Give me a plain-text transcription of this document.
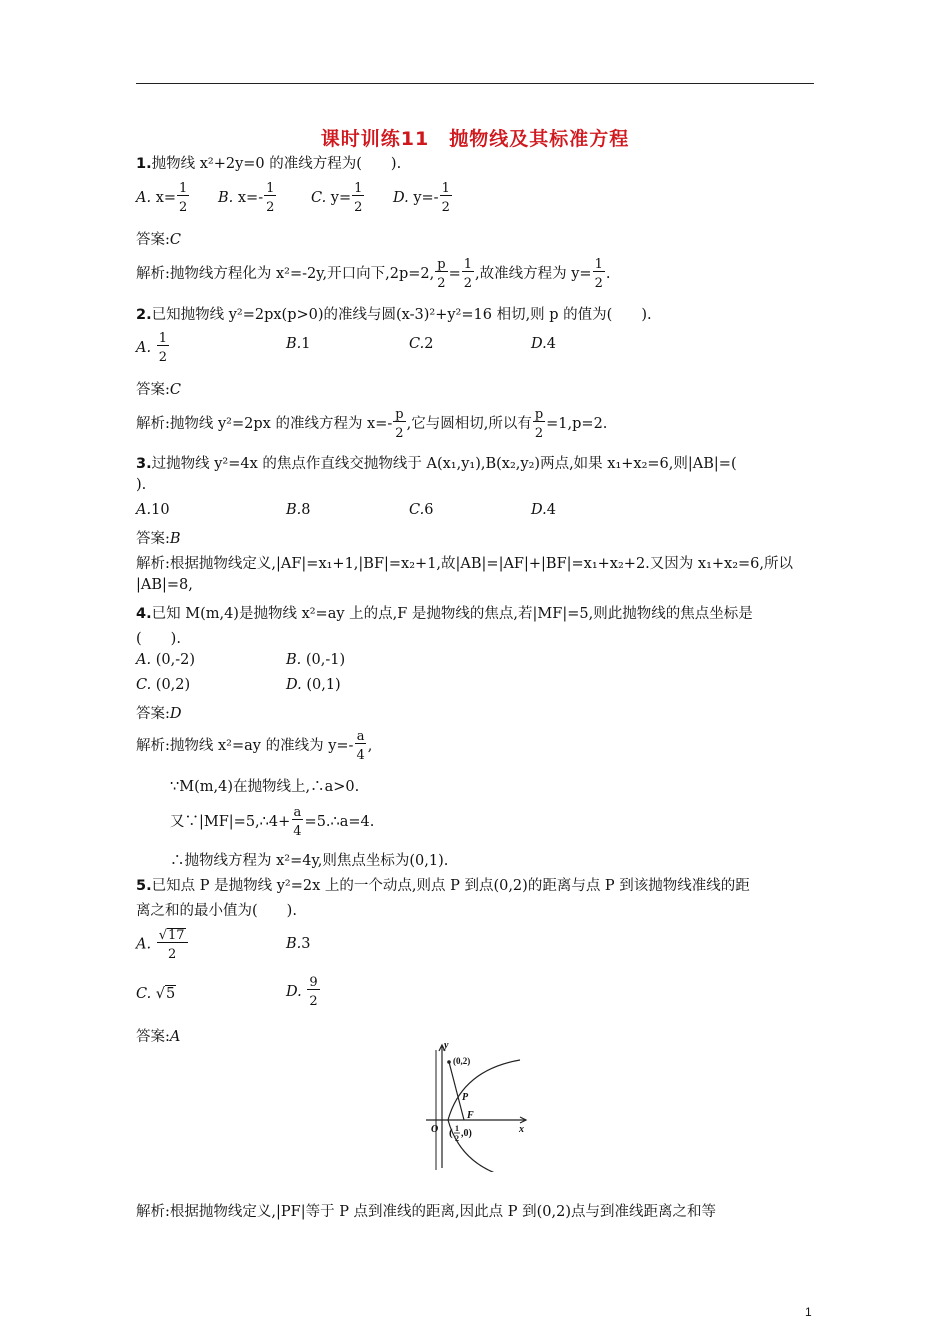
课时训练11　抛物线及其标准方程
1.抛物线 x²+2y=0 的准线方程为(　　).
A. $x= \frac{1}{2} B$. $x=- \frac{1}{2} C$. $y= \frac{1}{2} D$. $y=- \frac{1}{2}$
答案:C
解析:抛物线方程化为 x²=-2y,开口向下,2p=2, $\frac{p}{2} = \frac{1}{2}$ ,故准线方程为 $y= \frac{1}{2}$ .
2.已知抛物线 y²=2px(p>0)的准线与圆(x-3)²+y²=16 相切,则 p 的值为(　　).
A. $\frac{1}{2}$	B.1	C.2	D.4
答案:C
解析:抛物线 y²=2px 的准线方程为 $x=- \frac{p}{2}$ ,它与圆相切,所以有 $\frac{p}{2} =1,p=2$.
3.过抛物线 y²=4x 的焦点作直线交抛物线于 A(x₁,y₁),B(x₂,y₂)两点,如果 x₁+x₂=6,则|AB|=(
).
A.10	B.8	C.6	D.4
答案:B
解析:根据抛物线定义,|AF|=x₁+1,|BF|=x₂+1,故|AB|=|AF|+|BF|=x₁+x₂+2.又因为 x₁+x₂=6,所以
|AB|=8,
4.已知 M(m,4)是抛物线 x²=ay 上的点,F 是抛物线的焦点,若|MF|=5,则此抛物线的焦点坐标是
(　　).
A. (0,-2)	B. (0,-1)
C. (0,2)	D. (0,1)
答案:D
解析:抛物线 x²=ay 的准线为 $y=- \frac{a}{4}$ ,
∵M(m,4)在抛物线上,∴a>0.
又∵|MF|=5,∴4+ $\frac{a}{4}$ =5.∴a=4.
∴抛物线方程为 x²=4y,则焦点坐标为(0,1).
5.已知点 P 是抛物线 y²=2x 上的一个动点,则点 P 到点(0,2)的距离与点 P 到该抛物线准线的距
离之和的最小值为(　　).
A. $\frac{√17}{2}$	B.3
C. √5	D. $\frac{9}{2}$
答案:A
y
x
O
(0,2)
P
F
( 1
2 ,0)
解析:根据抛物线定义,|PF|等于 P 点到准线的距离,因此点 P 到(0,2)点与到准线距离之和等
1
